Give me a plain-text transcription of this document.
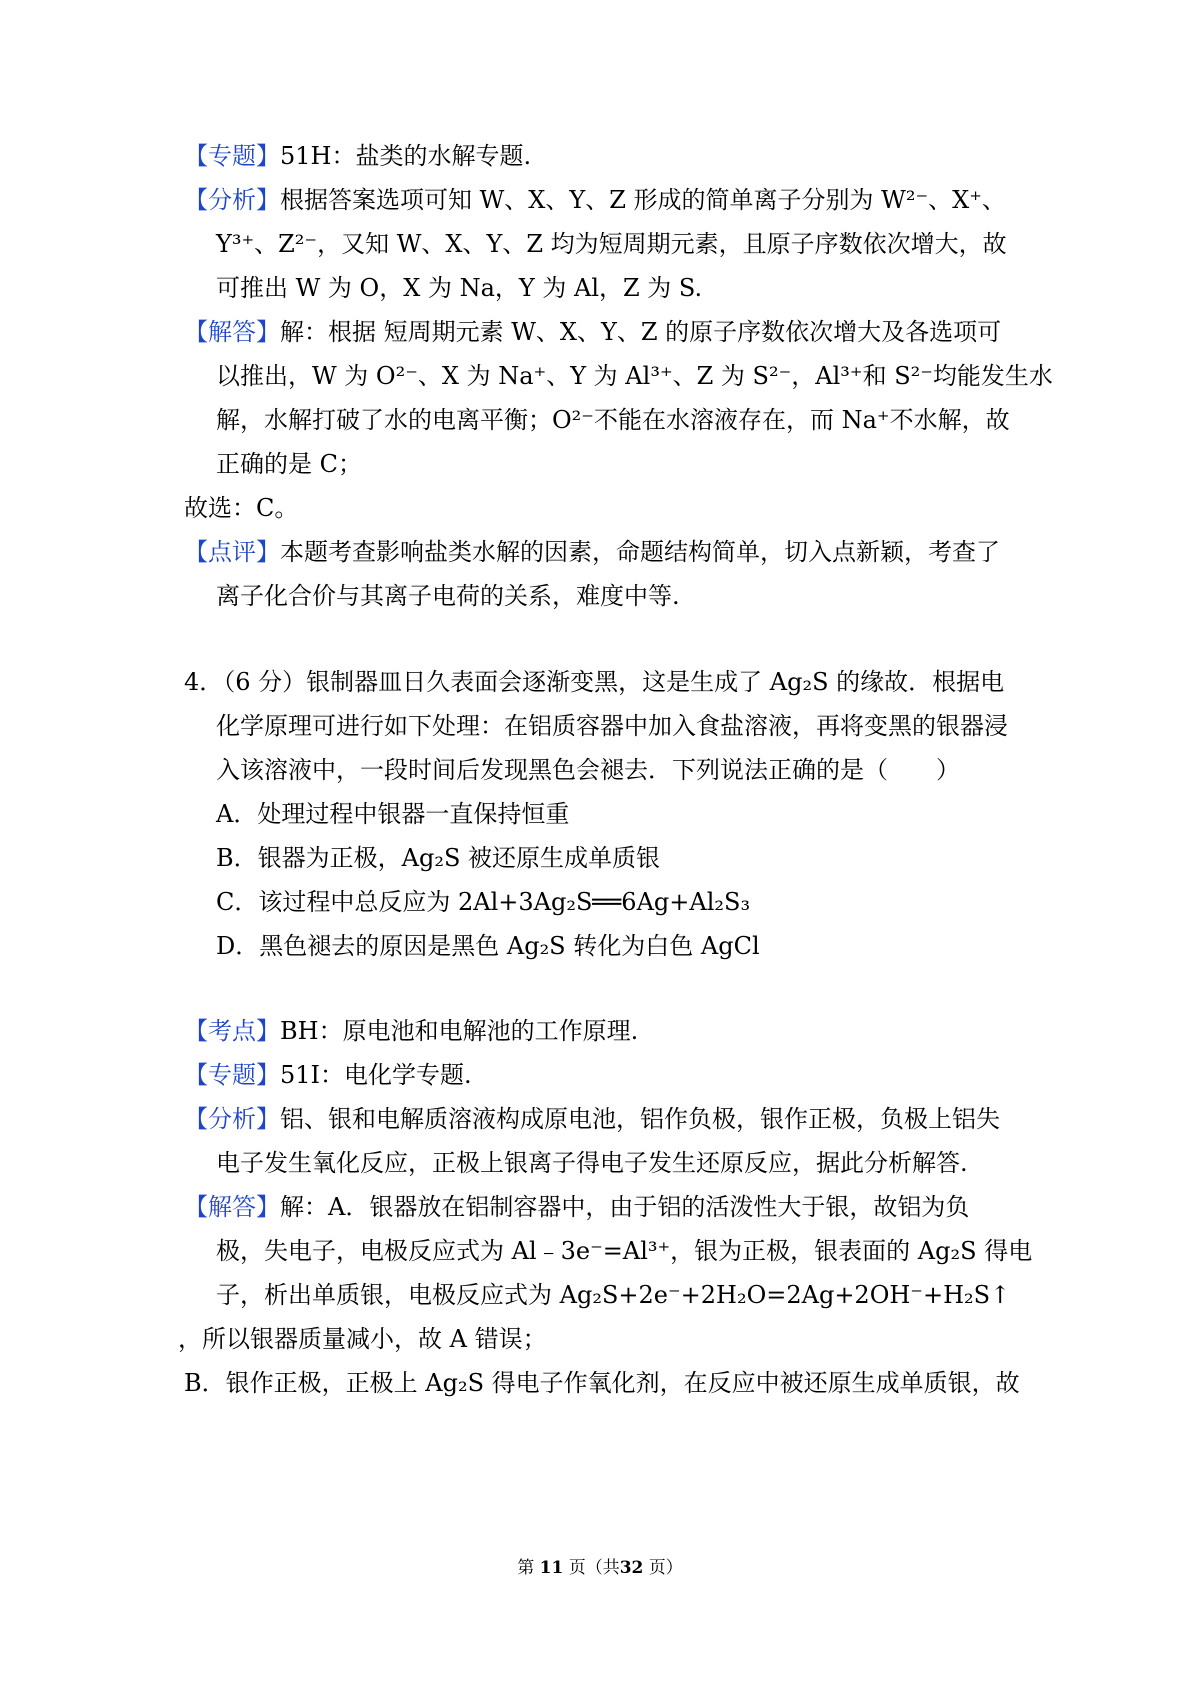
【专题】51H：盐类的水解专题.
【分析】根据答案选项可知 W、X、Y、Z 形成的简单离子分别为 W²⁻、X⁺、
Y³⁺、Z²⁻，又知 W、X、Y、Z 均为短周期元素，且原子序数依次增大，故
可推出 W 为 O，X 为 Na，Y 为 Al，Z 为 S.
【解答】解：根据 短周期元素 W、X、Y、Z 的原子序数依次增大及各选项可
以推出，W 为 O²⁻、X 为 Na⁺、Y 为 Al³⁺、Z 为 S²⁻，Al³⁺和 S²⁻均能发生水
解，水解打破了水的电离平衡；O²⁻不能在水溶液存在，而 Na⁺不水解，故
正确的是 C；
故选：C。
【点评】本题考查影响盐类水解的因素，命题结构简单，切入点新颖，考查了
离子化合价与其离子电荷的关系，难度中等.
4．（6 分）银制器皿日久表面会逐渐变黑，这是生成了 Ag₂S 的缘故．根据电
化学原理可进行如下处理：在铝质容器中加入食盐溶液，再将变黑的银器浸
入该溶液中，一段时间后发现黑色会褪去．下列说法正确的是（　　）
A．处理过程中银器一直保持恒重
B．银器为正极，Ag₂S 被还原生成单质银
C．该过程中总反应为 2Al+3Ag₂S══6Ag+Al₂S₃
D．黑色褪去的原因是黑色 Ag₂S 转化为白色 AgCl
【考点】BH：原电池和电解池的工作原理.
【专题】51I：电化学专题.
【分析】铝、银和电解质溶液构成原电池，铝作负极，银作正极，负极上铝失
电子发生氧化反应，正极上银离子得电子发生还原反应，据此分析解答.
【解答】解：A．银器放在铝制容器中，由于铝的活泼性大于银，故铝为负
极，失电子，电极反应式为 Al﹣3e⁻=Al³⁺，银为正极，银表面的 Ag₂S 得电
子，析出单质银，电极反应式为 Ag₂S+2e⁻+2H₂O=2Ag+2OH⁻+H₂S↑
，所以银器质量减小，故 A 错误；
B．银作正极，正极上 Ag₂S 得电子作氧化剂，在反应中被还原生成单质银，故
第 11 页（共32 页）
